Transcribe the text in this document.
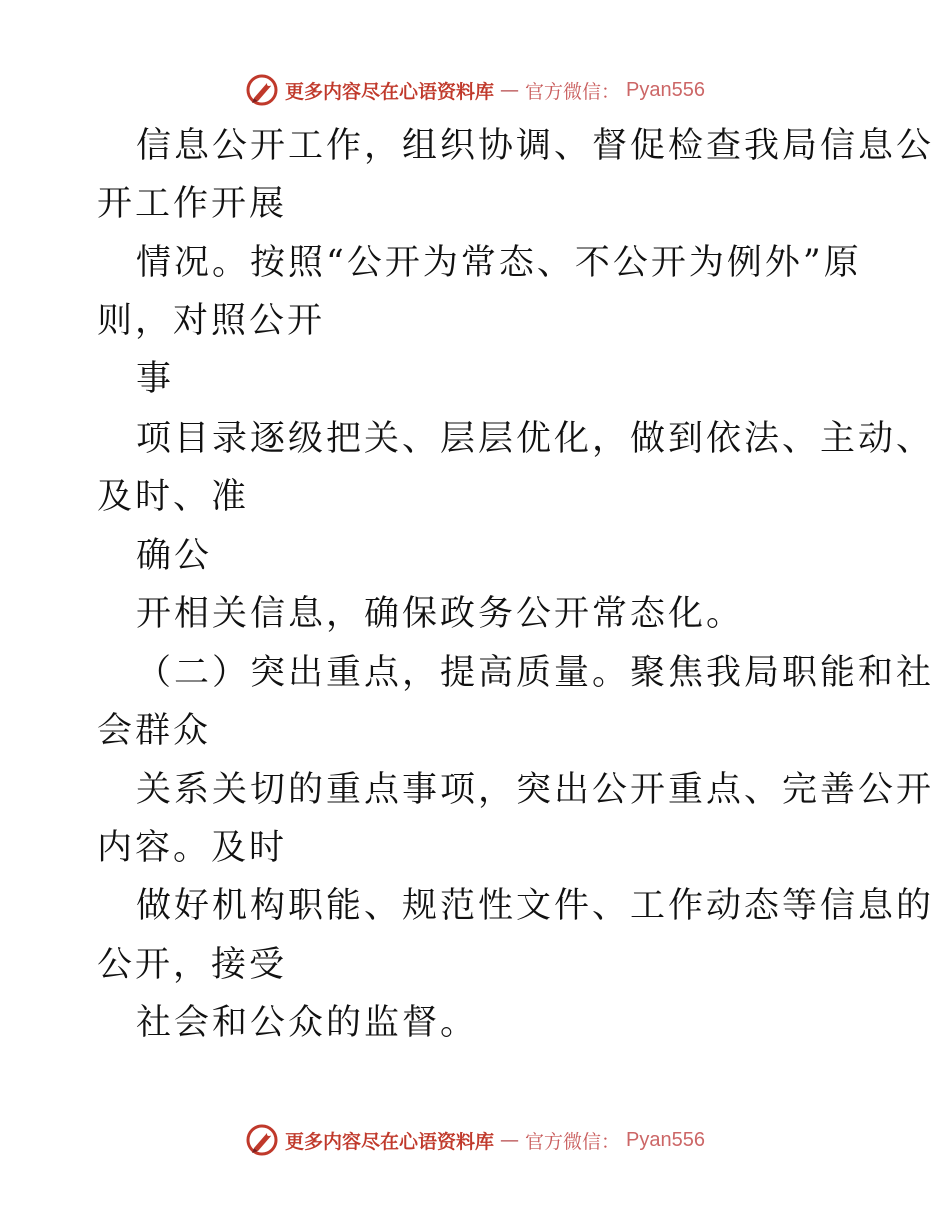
更多内容尽在心语资料库 — 官方微信： Pyan556
信息公开工作，组织协调、督促检查我局信息公
开工作开展
情况。按照“公开为常态、不公开为例外”原
则，对照公开
事
项目录逐级把关、层层优化，做到依法、主动、
及时、准
确公
开相关信息，确保政务公开常态化。
（二）突出重点，提高质量。聚焦我局职能和社
会群众
关系关切的重点事项，突出公开重点、完善公开
内容。及时
做好机构职能、规范性文件、工作动态等信息的
公开，接受
社会和公众的监督。
更多内容尽在心语资料库 — 官方微信： Pyan556
